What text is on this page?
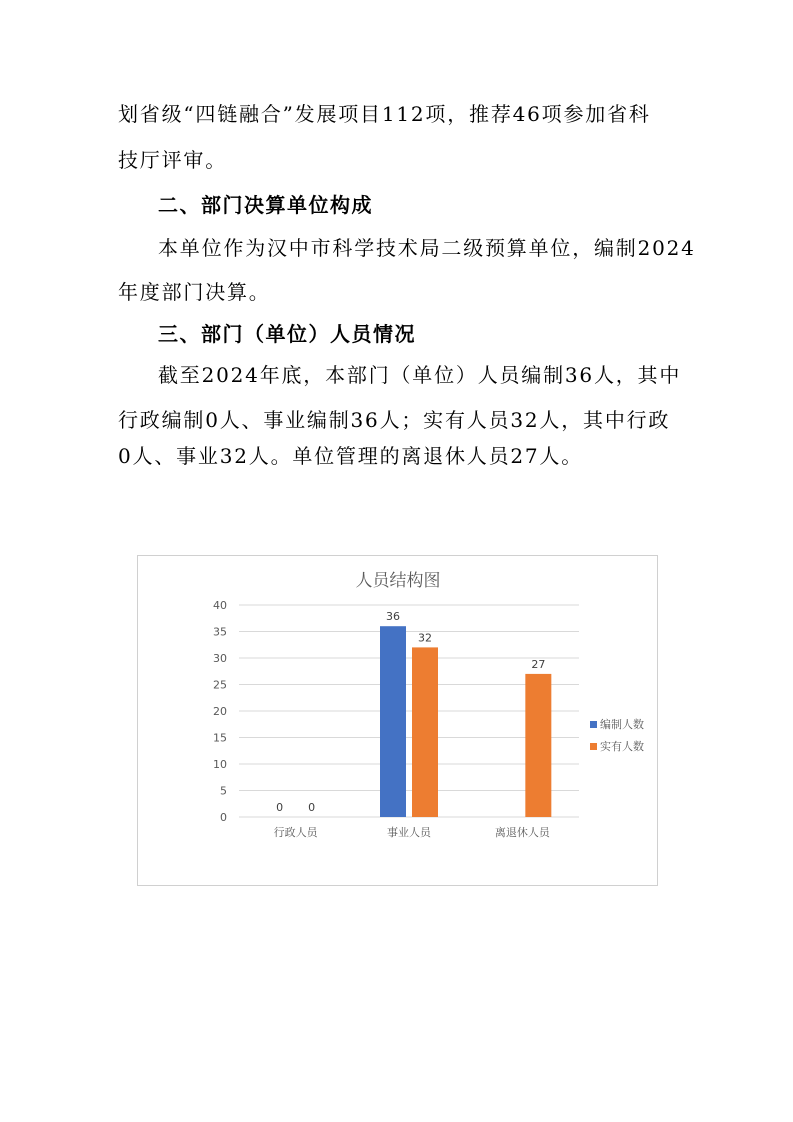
划省级“四链融合”发展项目112项，推荐46项参加省科
技厅评审。
二、部门决算单位构成
本单位作为汉中市科学技术局二级预算单位，编制2024
年度部门决算。
三、部门（单位）人员情况
截至2024年底，本部门（单位）人员编制36人，其中
行政编制0人、事业编制36人；实有人员32人，其中行政
0人、事业32人。单位管理的离退休人员27人。
人员结构图
0
5
10
15
20
25
30
35
40
行政人员
0 0
事业人员
36
32
离退休人员
27
编制人数
实有人数
